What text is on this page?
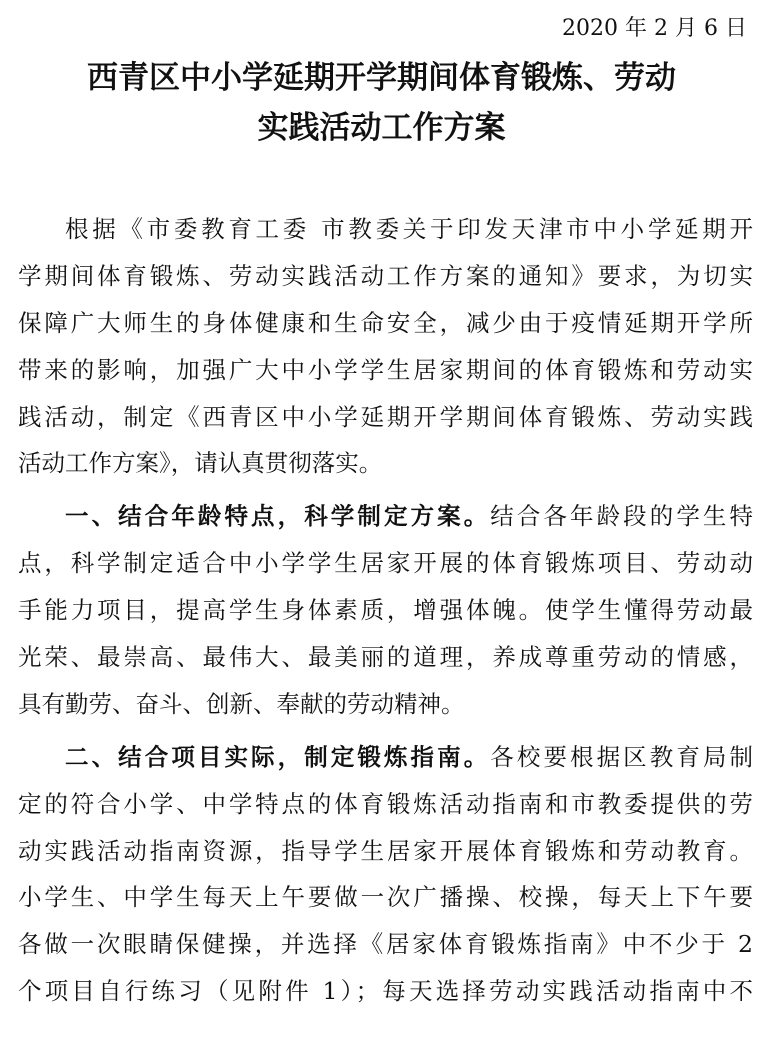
2020 年 2 月 6 日
西青区中小学延期开学期间体育锻炼、劳动
实践活动工作方案
根据《市委教育工委 市教委关于印发天津市中小学延期开
学期间体育锻炼、劳动实践活动工作方案的通知》要求，为切实
保障广大师生的身体健康和生命安全，减少由于疫情延期开学所
带来的影响，加强广大中小学学生居家期间的体育锻炼和劳动实
践活动，制定《西青区中小学延期开学期间体育锻炼、劳动实践
活动工作方案》，请认真贯彻落实。
一、结合年龄特点，科学制定方案。结合各年龄段的学生特
点，科学制定适合中小学学生居家开展的体育锻炼项目、劳动动
手能力项目，提高学生身体素质，增强体魄。使学生懂得劳动最
光荣、最崇高、最伟大、最美丽的道理，养成尊重劳动的情感，
具有勤劳、奋斗、创新、奉献的劳动精神。
二、结合项目实际，制定锻炼指南。各校要根据区教育局制
定的符合小学、中学特点的体育锻炼活动指南和市教委提供的劳
动实践活动指南资源，指导学生居家开展体育锻炼和劳动教育。
小学生、中学生每天上午要做一次广播操、校操，每天上下午要
各做一次眼睛保健操，并选择《居家体育锻炼指南》中不少于 2
个项目自行练习（见附件 1）；每天选择劳动实践活动指南中不
